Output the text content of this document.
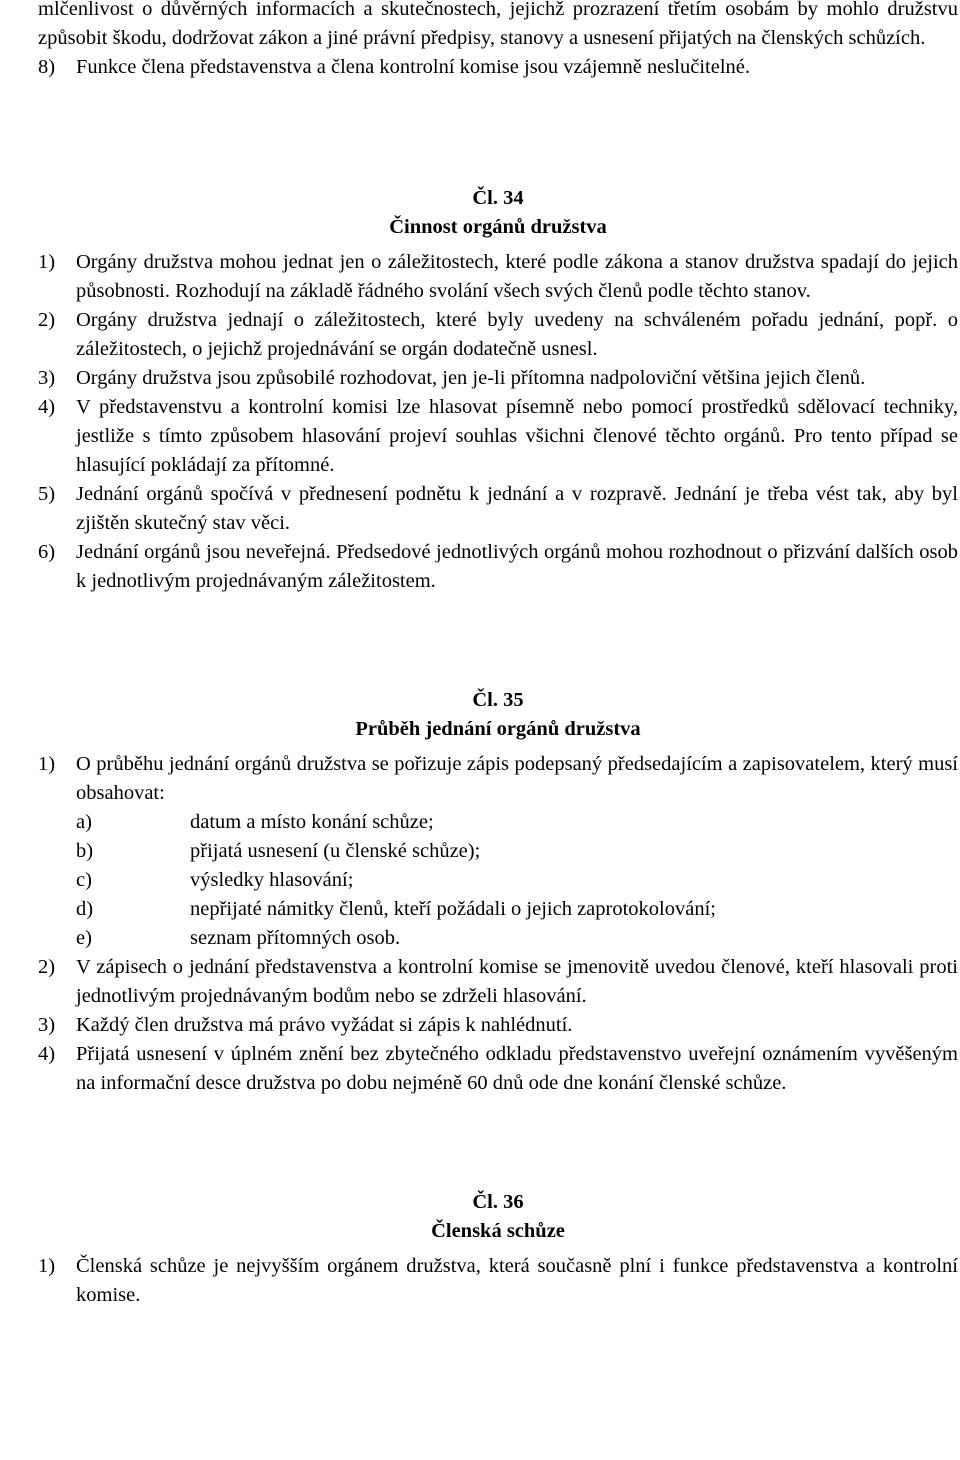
mlčenlivost o důvěrných informacích a skutečnostech, jejichž prozrazení třetím osobám by mohlo družstvu způsobit škodu, dodržovat zákon a jiné právní předpisy, stanovy a usnesení přijatých na členských schůzích.
8) Funkce člena představenstva a člena kontrolní komise jsou vzájemně neslučitelné.
Čl. 34
Činnost orgánů družstva
1) Orgány družstva mohou jednat jen o záležitostech, které podle zákona a stanov družstva spadají do jejich působnosti. Rozhodují na základě řádného svolání všech svých členů podle těchto stanov.
2) Orgány družstva jednají o záležitostech, které byly uvedeny na schváleném pořadu jednání, popř. o záležitostech, o jejichž projednávání se orgán dodatečně usnesl.
3) Orgány družstva jsou způsobilé rozhodovat, jen je-li přítomna nadpoloviční většina jejich členů.
4) V představenstvu a kontrolní komisi lze hlasovat písemně nebo pomocí prostředků sdělovací techniky, jestliže s tímto způsobem hlasování projeví souhlas všichni členové těchto orgánů. Pro tento případ se hlasující pokládají za přítomné.
5) Jednání orgánů spočívá v přednesení podnětu k jednání a v rozpravě. Jednání je třeba vést tak, aby byl zjištěn skutečný stav věci.
6) Jednání orgánů jsou neveřejná. Předsedové jednotlivých orgánů mohou rozhodnout o přizvání dalších osob k jednotlivým projednávaným záležitostem.
Čl. 35
Průběh jednání orgánů družstva
1) O průběhu jednání orgánů družstva se pořizuje zápis podepsaný předsedajícím a zapisovatelem, který musí obsahovat:
a)	datum a místo konání schůze;
b)	přijatá usnesení (u členské schůze);
c)	výsledky hlasování;
d)	nepřijaté námitky členů, kteří požádali o jejich zaprotokolování;
e)	seznam přítomných osob.
2) V zápisech o jednání představenstva a kontrolní komise se jmenovitě uvedou členové, kteří hlasovali proti jednotlivým projednávaným bodům nebo se zdrželi hlasování.
3) Každý člen družstva má právo vyžádat si zápis k nahlédnutí.
4) Přijatá usnesení v úplném znění bez zbytečného odkladu představenstvo uveřejní oznámením vyvěšeným na informační desce družstva po dobu nejméně 60 dnů ode dne konání členské schůze.
Čl. 36
Členská schůze
1) Členská schůze je nejvyšším orgánem družstva, která současně plní i funkce představenstva a kontrolní komise.
